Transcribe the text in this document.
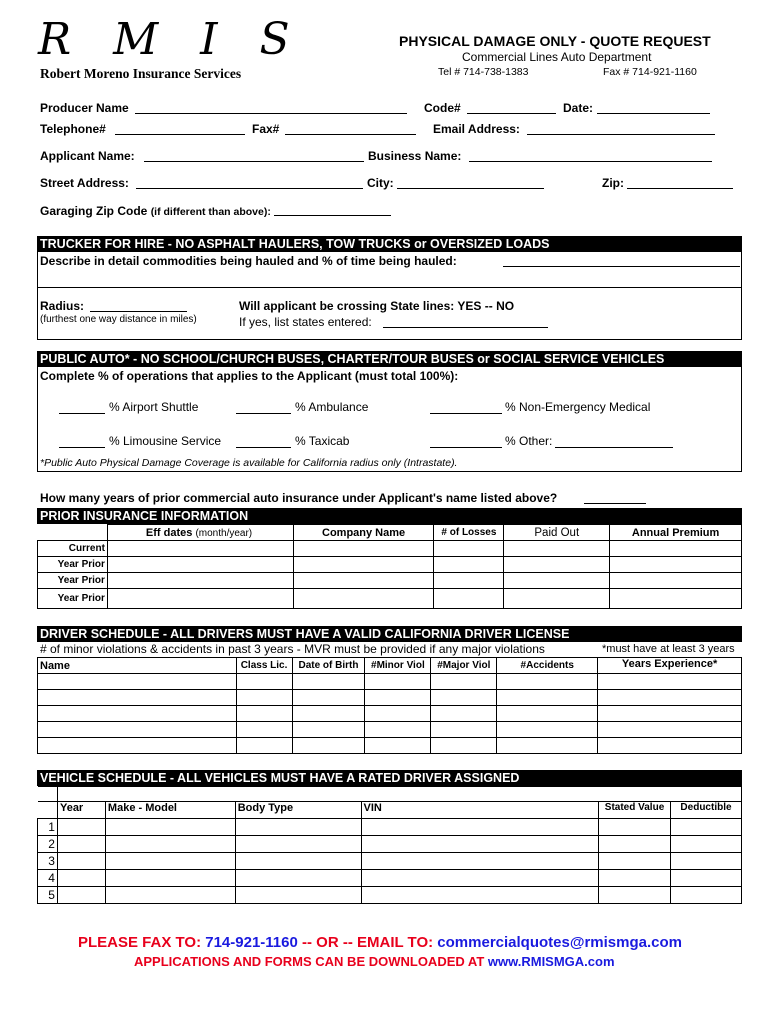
R M I S
Robert Moreno Insurance Services
PHYSICAL DAMAGE ONLY - QUOTE REQUEST
Commercial Lines Auto Department
Tel # 714-738-1383	Fax # 714-921-1160
Producer Name	Code#	Date:
Telephone#	Fax#	Email Address:
Applicant Name:	Business Name:
Street Address:	City:	Zip:
Garaging Zip Code (if different than above):
TRUCKER FOR HIRE - NO ASPHALT HAULERS, TOW TRUCKS or OVERSIZED LOADS
Describe in detail commodities being hauled and % of time being hauled:
Radius:
(furthest one way distance in miles)
Will applicant be crossing State lines: YES -- NO
If yes, list states entered:
PUBLIC AUTO* - NO SCHOOL/CHURCH BUSES, CHARTER/TOUR BUSES or SOCIAL SERVICE VEHICLES
Complete % of operations that applies to the Applicant (must total 100%):
% Airport Shuttle	% Ambulance	% Non-Emergency Medical
% Limousine Service	% Taxicab	% Other:
*Public Auto Physical Damage Coverage is available for California radius only (Intrastate).
How many years of prior commercial auto insurance under Applicant's name listed above?
PRIOR INSURANCE INFORMATION
	Eff dates (month/year)	Company Name	# of Losses	Paid Out	Annual Premium
Current					
Year Prior					
Year Prior					
Year Prior					
DRIVER SCHEDULE - ALL DRIVERS MUST HAVE A VALID CALIFORNIA DRIVER LICENSE
# of minor violations & accidents in past 3 years - MVR must be provided if any major violations	*must have at least 3 years
Name	Class Lic.	Date of Birth	#Minor Viol	#Major Viol	#Accidents	Years Experience*

VEHICLE SCHEDULE - ALL VEHICLES MUST HAVE A RATED DRIVER ASSIGNED

	Year	Make - Model	Body Type	VIN	Stated Value	Deductible
1						
2						
3						
4						
5						
PLEASE FAX TO: 714-921-1160 -- OR -- EMAIL TO: commercialquotes@rmismga.com
APPLICATIONS AND FORMS CAN BE DOWNLOADED AT www.RMISMGA.com
